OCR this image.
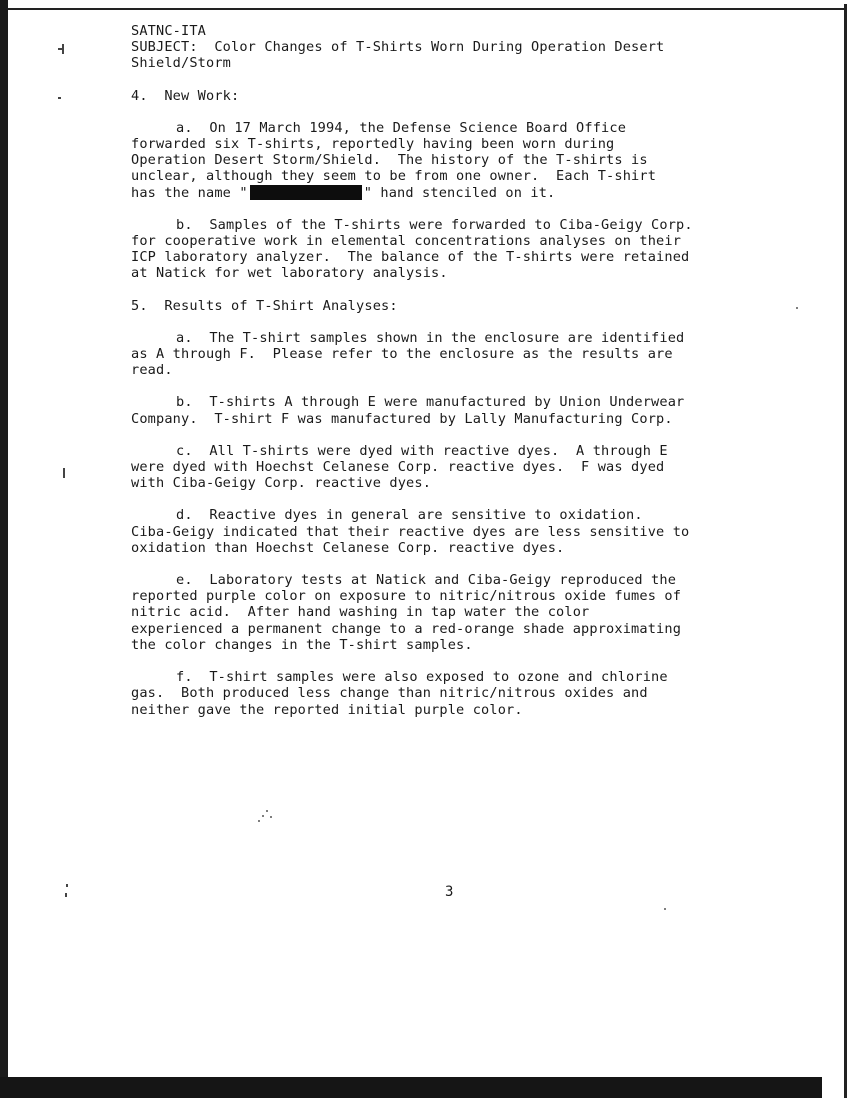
SATNC-ITA
SUBJECT:  Color Changes of T-Shirts Worn During Operation Desert
Shield/Storm
4.  New Work:
a.  On 17 March 1994, the Defense Science Board Office
forwarded six T-shirts, reportedly having been worn during
Operation Desert Storm/Shield.  The history of the T-shirts is
unclear, although they seem to be from one owner.  Each T-shirt
has the name "	" hand stenciled on it.
b.  Samples of the T-shirts were forwarded to Ciba-Geigy Corp.
for cooperative work in elemental concentrations analyses on their
ICP laboratory analyzer.  The balance of the T-shirts were retained
at Natick for wet laboratory analysis.
5.  Results of T-Shirt Analyses:
a.  The T-shirt samples shown in the enclosure are identified
as A through F.  Please refer to the enclosure as the results are
read.
b.  T-shirts A through E were manufactured by Union Underwear
Company.  T-shirt F was manufactured by Lally Manufacturing Corp.
c.  All T-shirts were dyed with reactive dyes.  A through E
were dyed with Hoechst Celanese Corp. reactive dyes.  F was dyed
with Ciba-Geigy Corp. reactive dyes.
d.  Reactive dyes in general are sensitive to oxidation.
Ciba-Geigy indicated that their reactive dyes are less sensitive to
oxidation than Hoechst Celanese Corp. reactive dyes.
e.  Laboratory tests at Natick and Ciba-Geigy reproduced the
reported purple color on exposure to nitric/nitrous oxide fumes of
nitric acid.  After hand washing in tap water the color
experienced a permanent change to a red-orange shade approximating
the color changes in the T-shirt samples.
f.  T-shirt samples were also exposed to ozone and chlorine
gas.  Both produced less change than nitric/nitrous oxides and
neither gave the reported initial purple color.
3
